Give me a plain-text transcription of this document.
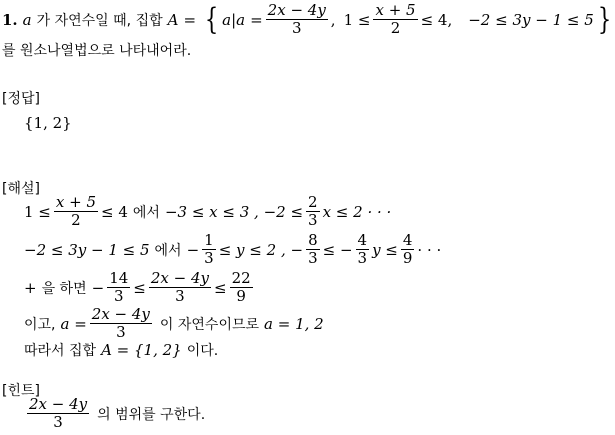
1. a 가 자연수일 때, 집합 A = { $a|a = \frac{2x - 4y}{3}$ , $1 \le \frac{x + 5}{2} \le 4$, −2 ≤ 3y − 1 ≤ 5 }
를 원소나열법으로 나타내어라.
[정답]
{1, 2}
[해설]
$1 \le \frac{x + 5}{2} \le 4$ 에서 −3 ≤ x ≤ 3 , $-2 \le \frac{2}{3}$ x ≤ 2 · · ·
−2 ≤ 3y − 1 ≤ 5 에서 − $\frac{1}{3} \le y \le 2$ , − $\frac{8}{3}$ ≤ − $\frac{4}{3}$ $y \le \frac{4}{9}$ · · ·
+ 을 하면 − $\frac{14}{3} \le \frac{2x - 4y}{3} \le \frac{22}{9}$
이고, $a = \frac{2x - 4y}{3}$ 이 자연수이므로 a = 1, 2
따라서 집합 A = {1, 2} 이다.
[힌트]
$\frac{2x - 4y}{3}$ 의 범위를 구한다.
